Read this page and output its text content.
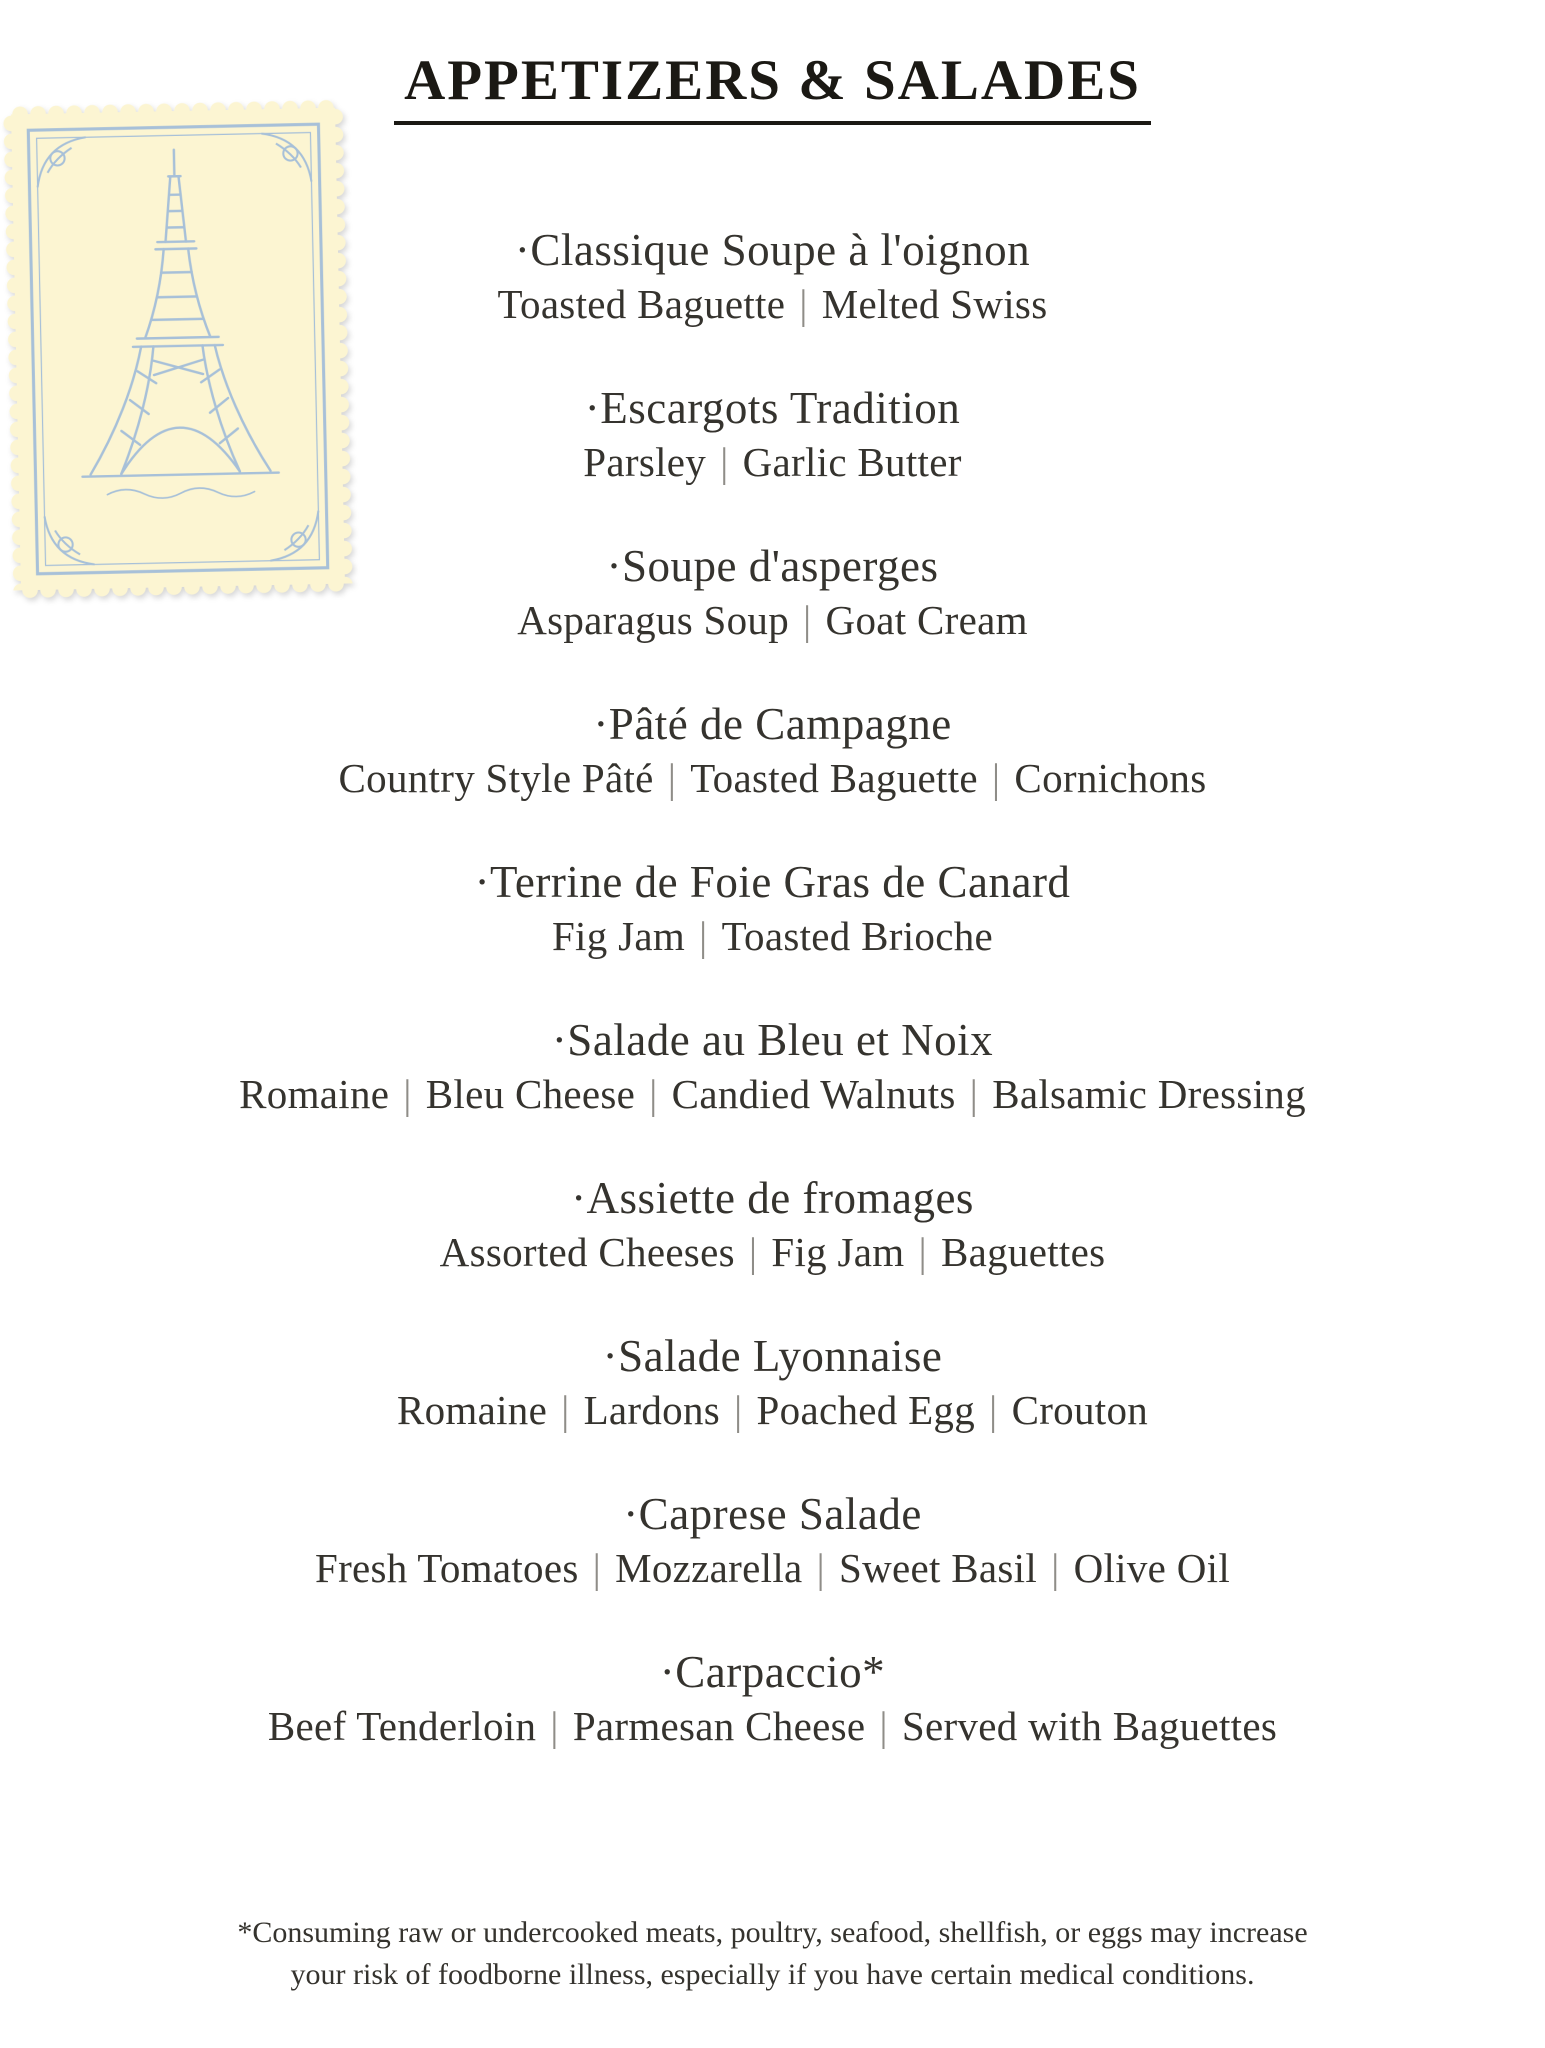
APPETIZERS & SALADES
·Classique Soupe à l'oignon
Toasted Baguette | Melted Swiss
·Escargots Tradition
Parsley | Garlic Butter
·Soupe d'asperges
Asparagus Soup | Goat Cream
·Pâté de Campagne
Country Style Pâté | Toasted Baguette | Cornichons
·Terrine de Foie Gras de Canard
Fig Jam | Toasted Brioche
·Salade au Bleu et Noix
Romaine | Bleu Cheese | Candied Walnuts | Balsamic Dressing
·Assiette de fromages
Assorted Cheeses | Fig Jam | Baguettes
·Salade Lyonnaise
Romaine | Lardons | Poached Egg | Crouton
·Caprese Salade
Fresh Tomatoes | Mozzarella | Sweet Basil | Olive Oil
·Carpaccio*
Beef Tenderloin | Parmesan Cheese | Served with Baguettes
*Consuming raw or undercooked meats, poultry, seafood, shellfish, or eggs may increase
your risk of foodborne illness, especially if you have certain medical conditions.
